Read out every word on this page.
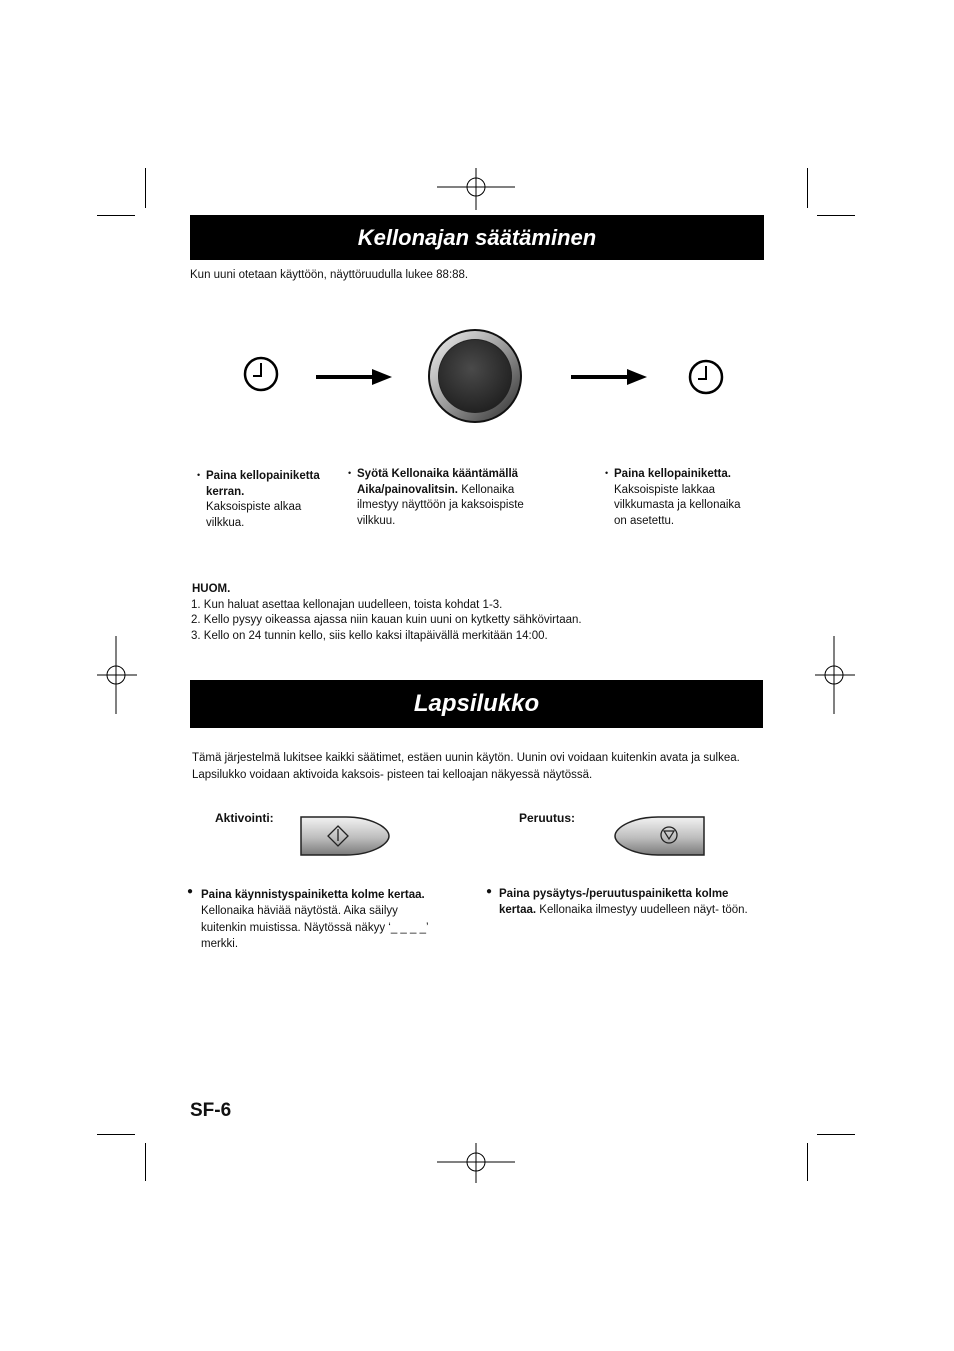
Kellonajan säätäminen

Kun uuni otetaan käyttöön, näyttöruudulla lukee 88:88.

• Paina kellopainiketta kerran.
Kaksoispiste alkaa vilkkua.
• Syötä Kellonaika kääntämällä Aika/painovalitsin. Kellonaika ilmestyy näyttöön ja kaksoispiste vilkkuu.
• Paina kellopainiketta.
Kaksoispiste lakkaa vilkkumasta ja kellonaika on asetettu.

HUOM.

1. Kun haluat asettaa kellonajan uudelleen, toista kohdat 1-3.

2. Kello pysyy oikeassa ajassa niin kauan kuin uuni on kytketty sähkövirtaan.

3. Kello on 24 tunnin kello, siis kello kaksi iltapäivällä merkitään 14:00.

Lapsilukko

Tämä järjestelmä lukitsee kaikki säätimet, estäen uunin käytön. Uunin ovi voidaan kuitenkin avata ja sulkea. Lapsilukko voidaan aktivoida kaksois- pisteen tai kelloajan näkyessä näytössä.

Aktivointi:	Peruutus:
● Paina käynnistyspainiketta kolme kertaa.
Kellonaika häviää näytöstä. Aika säilyy kuitenkin muistissa. Näytössä näkyy ‘_ _ _ _’ merkki.
● Paina pysäytys-/peruutuspainiketta kolme kertaa. Kellonaika ilmestyy uudelleen näyt- töön.
SF-6
